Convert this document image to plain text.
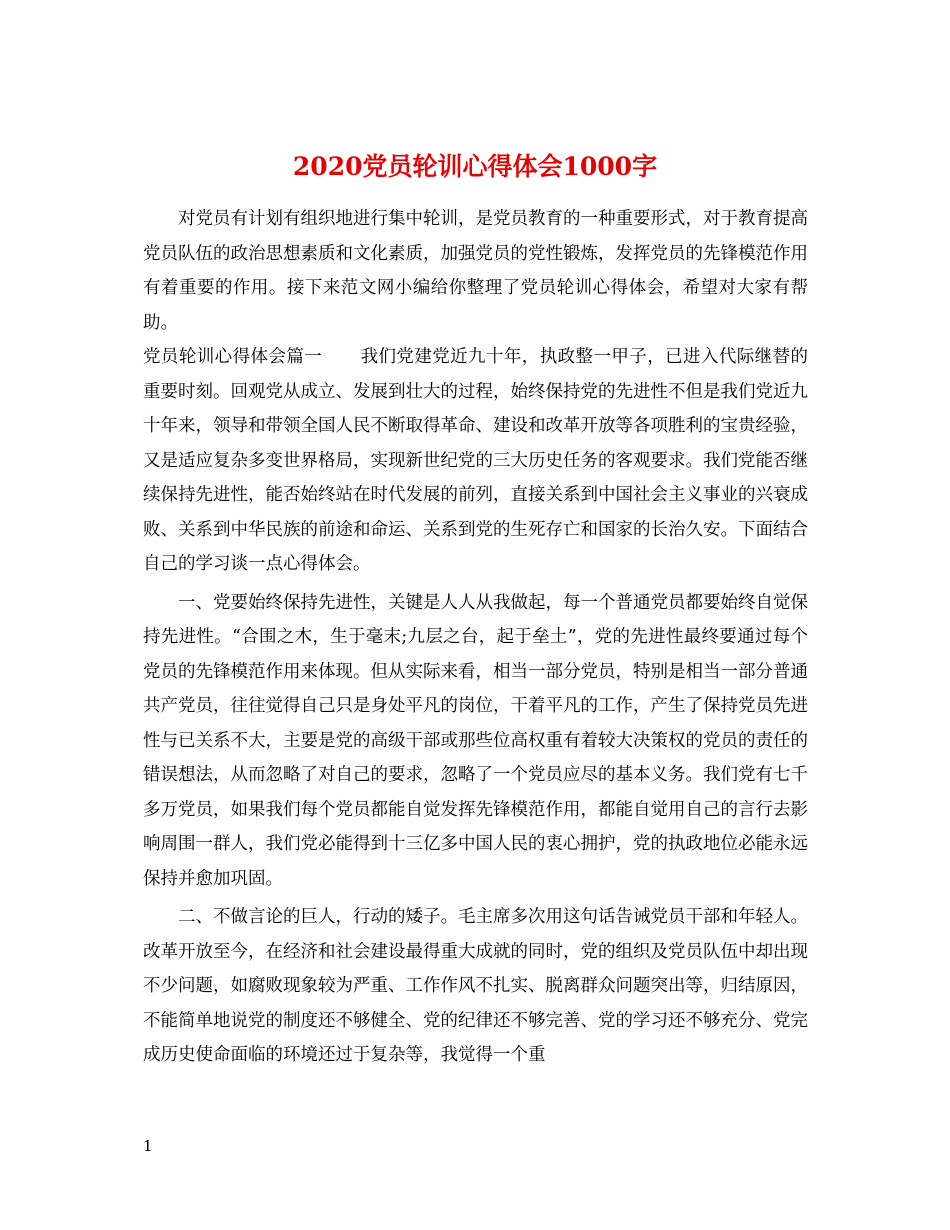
2020党员轮训心得体会1000字

对党员有计划有组织地进行集中轮训，是党员教育的一种重要形式，对于教育提高党员队伍的政治思想素质和文化素质，加强党员的党性锻炼，发挥党员的先锋模范作用有着重要的作用。接下来范文网小编给你整理了党员轮训心得体会，希望对大家有帮助。

党员轮训心得体会篇一 我们党建党近九十年，执政整一甲子，已进入代际继替的重要时刻。回观党从成立、发展到壮大的过程，始终保持党的先进性不但是我们党近九十年来，领导和带领全国人民不断取得革命、建设和改革开放等各项胜利的宝贵经验，又是适应复杂多变世界格局，实现新世纪党的三大历史任务的客观要求。我们党能否继续保持先进性，能否始终站在时代发展的前列，直接关系到中国社会主义事业的兴衰成败、关系到中华民族的前途和命运、关系到党的生死存亡和国家的长治久安。下面结合自己的学习谈一点心得体会。

一、党要始终保持先进性，关键是人人从我做起，每一个普通党员都要始终自觉保持先进性。“合围之木，生于毫末;九层之台，起于垒土”，党的先进性最终要通过每个党员的先锋模范作用来体现。但从实际来看，相当一部分党员，特别是相当一部分普通共产党员，往往觉得自己只是身处平凡的岗位，干着平凡的工作，产生了保持党员先进性与已关系不大，主要是党的高级干部或那些位高权重有着较大决策权的党员的责任的错误想法，从而忽略了对自己的要求，忽略了一个党员应尽的基本义务。我们党有七千多万党员，如果我们每个党员都能自觉发挥先锋模范作用，都能自觉用自己的言行去影响周围一群人，我们党必能得到十三亿多中国人民的衷心拥护，党的执政地位必能永远保持并愈加巩固。

二、不做言论的巨人，行动的矮子。毛主席多次用这句话告诫党员干部和年轻人。改革开放至今，在经济和社会建设最得重大成就的同时，党的组织及党员队伍中却出现不少问题，如腐败现象较为严重、工作作风不扎实、脱离群众问题突出等，归结原因，不能简单地说党的制度还不够健全、党的纪律还不够完善、党的学习还不够充分、党完成历史使命面临的环境还过于复杂等，我觉得一个重

1
